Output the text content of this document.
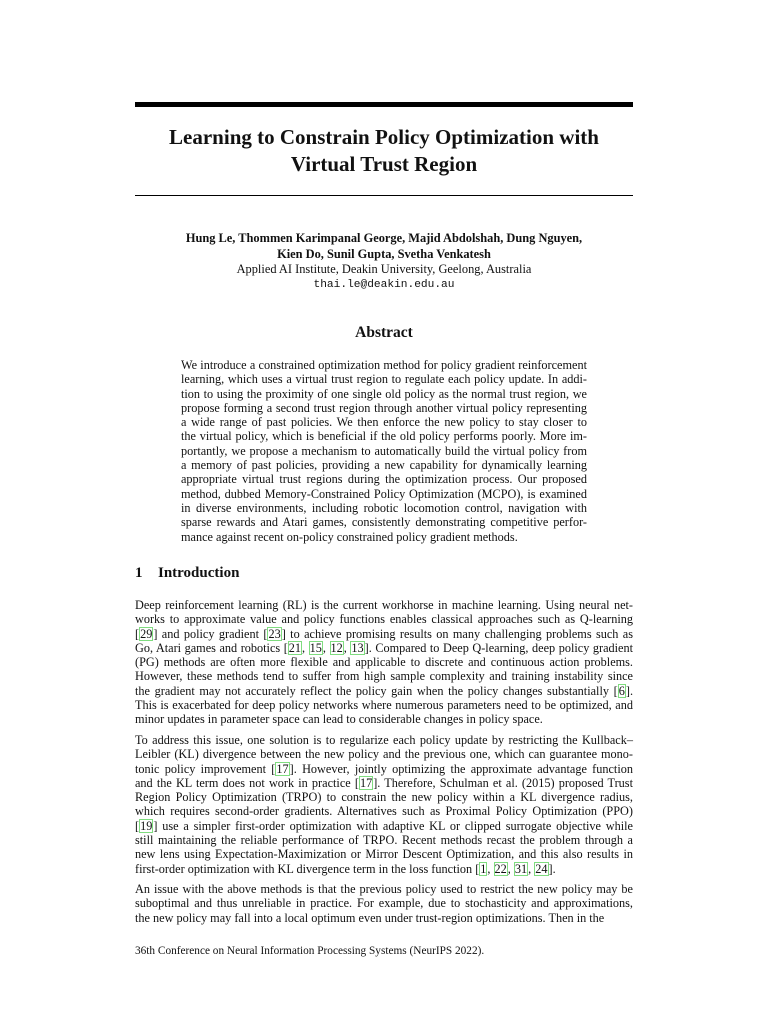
Learning to Constrain Policy Optimization with
Virtual Trust Region
Hung Le, Thommen Karimpanal George, Majid Abdolshah, Dung Nguyen,
Kien Do, Sunil Gupta, Svetha Venkatesh
Applied AI Institute, Deakin University, Geelong, Australia
thai.le@deakin.edu.au
Abstract
We introduce a constrained optimization method for policy gradient reinforcement
learning, which uses a virtual trust region to regulate each policy update. In addi-
tion to using the proximity of one single old policy as the normal trust region, we
propose forming a second trust region through another virtual policy representing
a wide range of past policies. We then enforce the new policy to stay closer to
the virtual policy, which is beneficial if the old policy performs poorly. More im-
portantly, we propose a mechanism to automatically build the virtual policy from
a memory of past policies, providing a new capability for dynamically learning
appropriate virtual trust regions during the optimization process. Our proposed
method, dubbed Memory-Constrained Policy Optimization (MCPO), is examined
in diverse environments, including robotic locomotion control, navigation with
sparse rewards and Atari games, consistently demonstrating competitive perfor-
mance against recent on-policy constrained policy gradient methods.
1 Introduction
Deep reinforcement learning (RL) is the current workhorse in machine learning. Using neural net-
works to approximate value and policy functions enables classical approaches such as Q-learning
[29] and policy gradient [23] to achieve promising results on many challenging problems such as
Go, Atari games and robotics [21, 15, 12, 13]. Compared to Deep Q-learning, deep policy gradient
(PG) methods are often more flexible and applicable to discrete and continuous action problems.
However, these methods tend to suffer from high sample complexity and training instability since
the gradient may not accurately reflect the policy gain when the policy changes substantially [6].
This is exacerbated for deep policy networks where numerous parameters need to be optimized, and
minor updates in parameter space can lead to considerable changes in policy space.
To address this issue, one solution is to regularize each policy update by restricting the Kullback–
Leibler (KL) divergence between the new policy and the previous one, which can guarantee mono-
tonic policy improvement [17]. However, jointly optimizing the approximate advantage function
and the KL term does not work in practice [17]. Therefore, Schulman et al. (2015) proposed Trust
Region Policy Optimization (TRPO) to constrain the new policy within a KL divergence radius,
which requires second-order gradients. Alternatives such as Proximal Policy Optimization (PPO)
[19] use a simpler first-order optimization with adaptive KL or clipped surrogate objective while
still maintaining the reliable performance of TRPO. Recent methods recast the problem through a
new lens using Expectation-Maximization or Mirror Descent Optimization, and this also results in
first-order optimization with KL divergence term in the loss function [1, 22, 31, 24].
An issue with the above methods is that the previous policy used to restrict the new policy may be
suboptimal and thus unreliable in practice. For example, due to stochasticity and approximations,
the new policy may fall into a local optimum even under trust-region optimizations. Then in the
36th Conference on Neural Information Processing Systems (NeurIPS 2022).
